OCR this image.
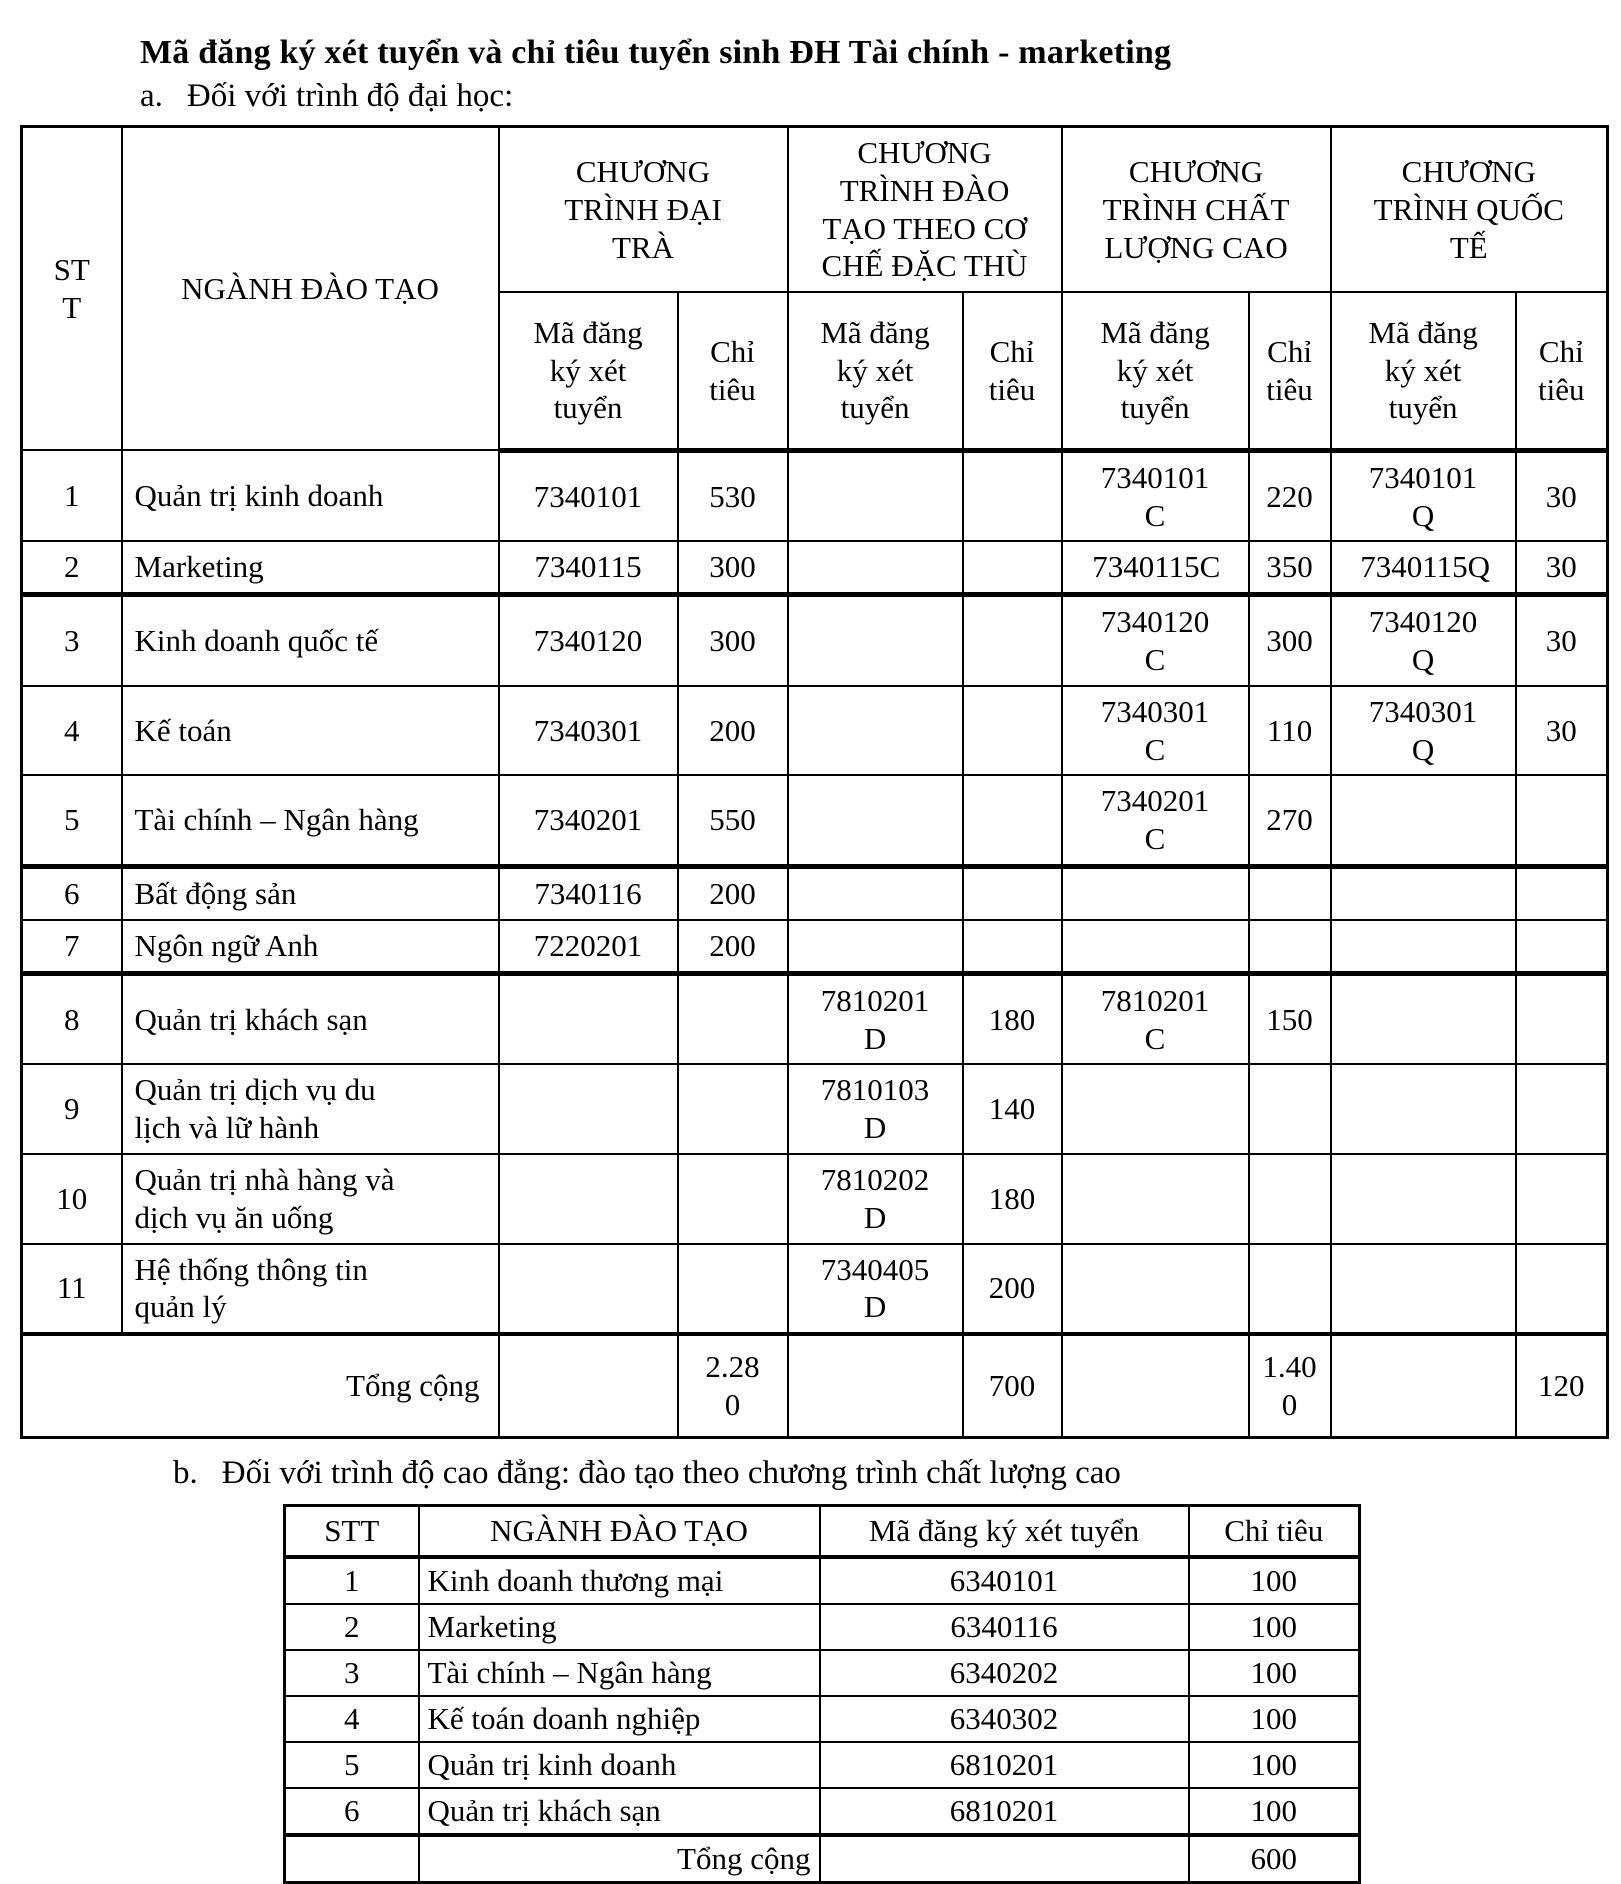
Mã đăng ký xét tuyển và chỉ tiêu tuyển sinh ĐH Tài chính - marketing
a. Đối với trình độ đại học:
STT	NGÀNH ĐÀO TẠO	CHƯƠNG TRÌNH ĐẠI TRÀ		CHƯƠNG TRÌNH ĐÀO TẠO THEO CƠ CHẾ ĐẶC THÙ		CHƯƠNG TRÌNH CHẤT LƯỢNG CAO		CHƯƠNG TRÌNH QUỐC TẾ	
		Mã đăng ký xét tuyển	Chỉ tiêu	Mã đăng ký xét tuyển	Chỉ tiêu	Mã đăng ký xét tuyển	Chỉ tiêu	Mã đăng ký xét tuyển	Chỉ tiêu
1	Quản trị kinh doanh	7340101	530			7340101 C	220	7340101 Q	30
2	Marketing	7340115	300			7340115C	350	7340115Q	30
3	Kinh doanh quốc tế	7340120	300			7340120 C	300	7340120 Q	30
4	Kế toán	7340301	200			7340301 C	110	7340301 Q	30
5	Tài chính – Ngân hàng	7340201	550			7340201 C	270		
6	Bất động sản	7340116	200						
7	Ngôn ngữ Anh	7220201	200						
8	Quản trị khách sạn			7810201 D	180	7810201 C	150		
9	Quản trị dịch vụ du lịch và lữ hành			7810103 D	140				
10	Quản trị nhà hàng và dịch vụ ăn uống			7810202 D	180				
11	Hệ thống thông tin quản lý			7340405 D	200				
Tổng cộng			2.280		700		1.400		120
b. Đối với trình độ cao đẳng: đào tạo theo chương trình chất lượng cao
STT	NGÀNH ĐÀO TẠO	Mã đăng ký xét tuyển	Chỉ tiêu
1	Kinh doanh thương mại	6340101	100
2	Marketing	6340116	100
3	Tài chính – Ngân hàng	6340202	100
4	Kế toán doanh nghiệp	6340302	100
5	Quản trị kinh doanh	6810201	100
6	Quản trị khách sạn	6810201	100
	Tổng cộng		600
